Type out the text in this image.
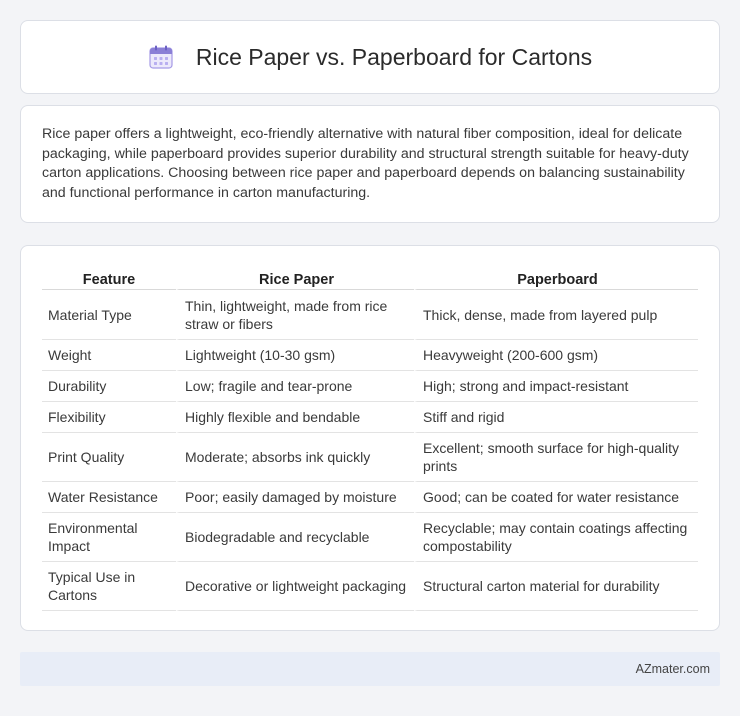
Rice Paper vs. Paperboard for Cartons

Rice paper offers a lightweight, eco-friendly alternative with natural fiber composition, ideal for delicate packaging, while paperboard provides superior durability and structural strength suitable for heavy-duty carton applications. Choosing between rice paper and paperboard depends on balancing sustainability and functional performance in carton manufacturing.

Feature	Rice Paper	Paperboard
Material Type	Thin, lightweight, made from rice straw or fibers	Thick, dense, made from layered pulp
Weight	Lightweight (10-30 gsm)	Heavyweight (200-600 gsm)
Durability	Low; fragile and tear-prone	High; strong and impact-resistant
Flexibility	Highly flexible and bendable	Stiff and rigid
Print Quality	Moderate; absorbs ink quickly	Excellent; smooth surface for high-quality prints
Water Resistance	Poor; easily damaged by moisture	Good; can be coated for water resistance
Environmental Impact	Biodegradable and recyclable	Recyclable; may contain coatings affecting compostability
Typical Use in Cartons	Decorative or lightweight packaging	Structural carton material for durability
AZmater.com
